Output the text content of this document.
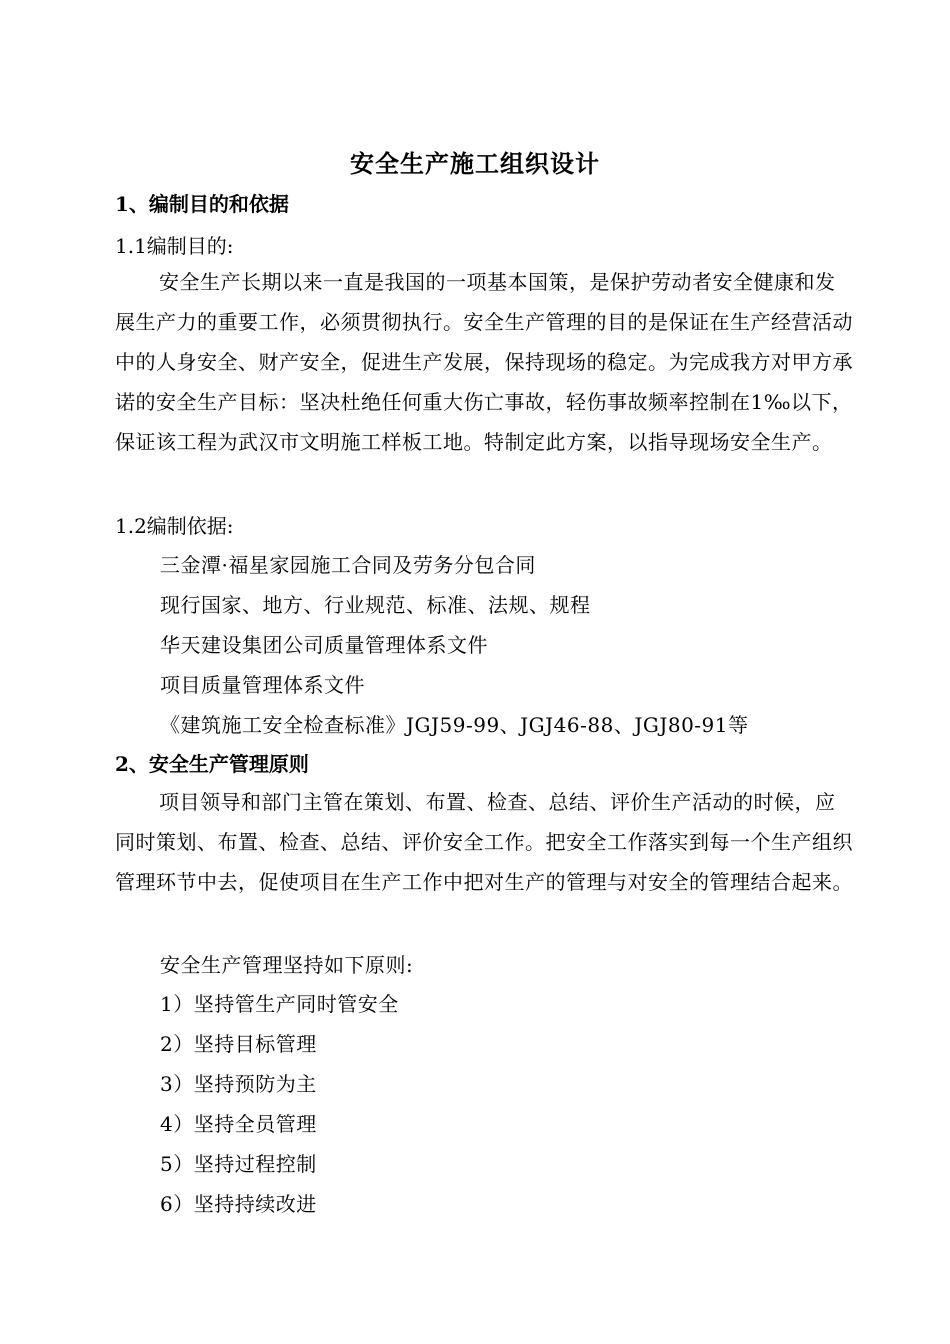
安全生产施工组织设计
1、编制目的和依据
1.1编制目的:

安全生产长期以来一直是我国的一项基本国策，是保护劳动者安全健康和发展生产力的重要工作，必须贯彻执行。安全生产管理的目的是保证在生产经营活动中的人身安全、财产安全，促进生产发展，保持现场的稳定。为完成我方对甲方承诺的安全生产目标：坚决杜绝任何重大伤亡事故，轻伤事故频率控制在1‰以下，保证该工程为武汉市文明施工样板工地。特制定此方案，以指导现场安全生产。

1.2编制依据:
三金潭·福星家园施工合同及劳务分包合同
现行国家、地方、行业规范、标准、法规、规程
华天建设集团公司质量管理体系文件
项目质量管理体系文件
《建筑施工安全检查标准》JGJ59-99、JGJ46-88、JGJ80-91等
2、安全生产管理原则

项目领导和部门主管在策划、布置、检查、总结、评价生产活动的时候，应同时策划、布置、检查、总结、评价安全工作。把安全工作落实到每一个生产组织管理环节中去，促使项目在生产工作中把对生产的管理与对安全的管理结合起来。

安全生产管理坚持如下原则:
1）坚持管生产同时管安全
2）坚持目标管理
3）坚持预防为主
4）坚持全员管理
5）坚持过程控制
6）坚持持续改进
